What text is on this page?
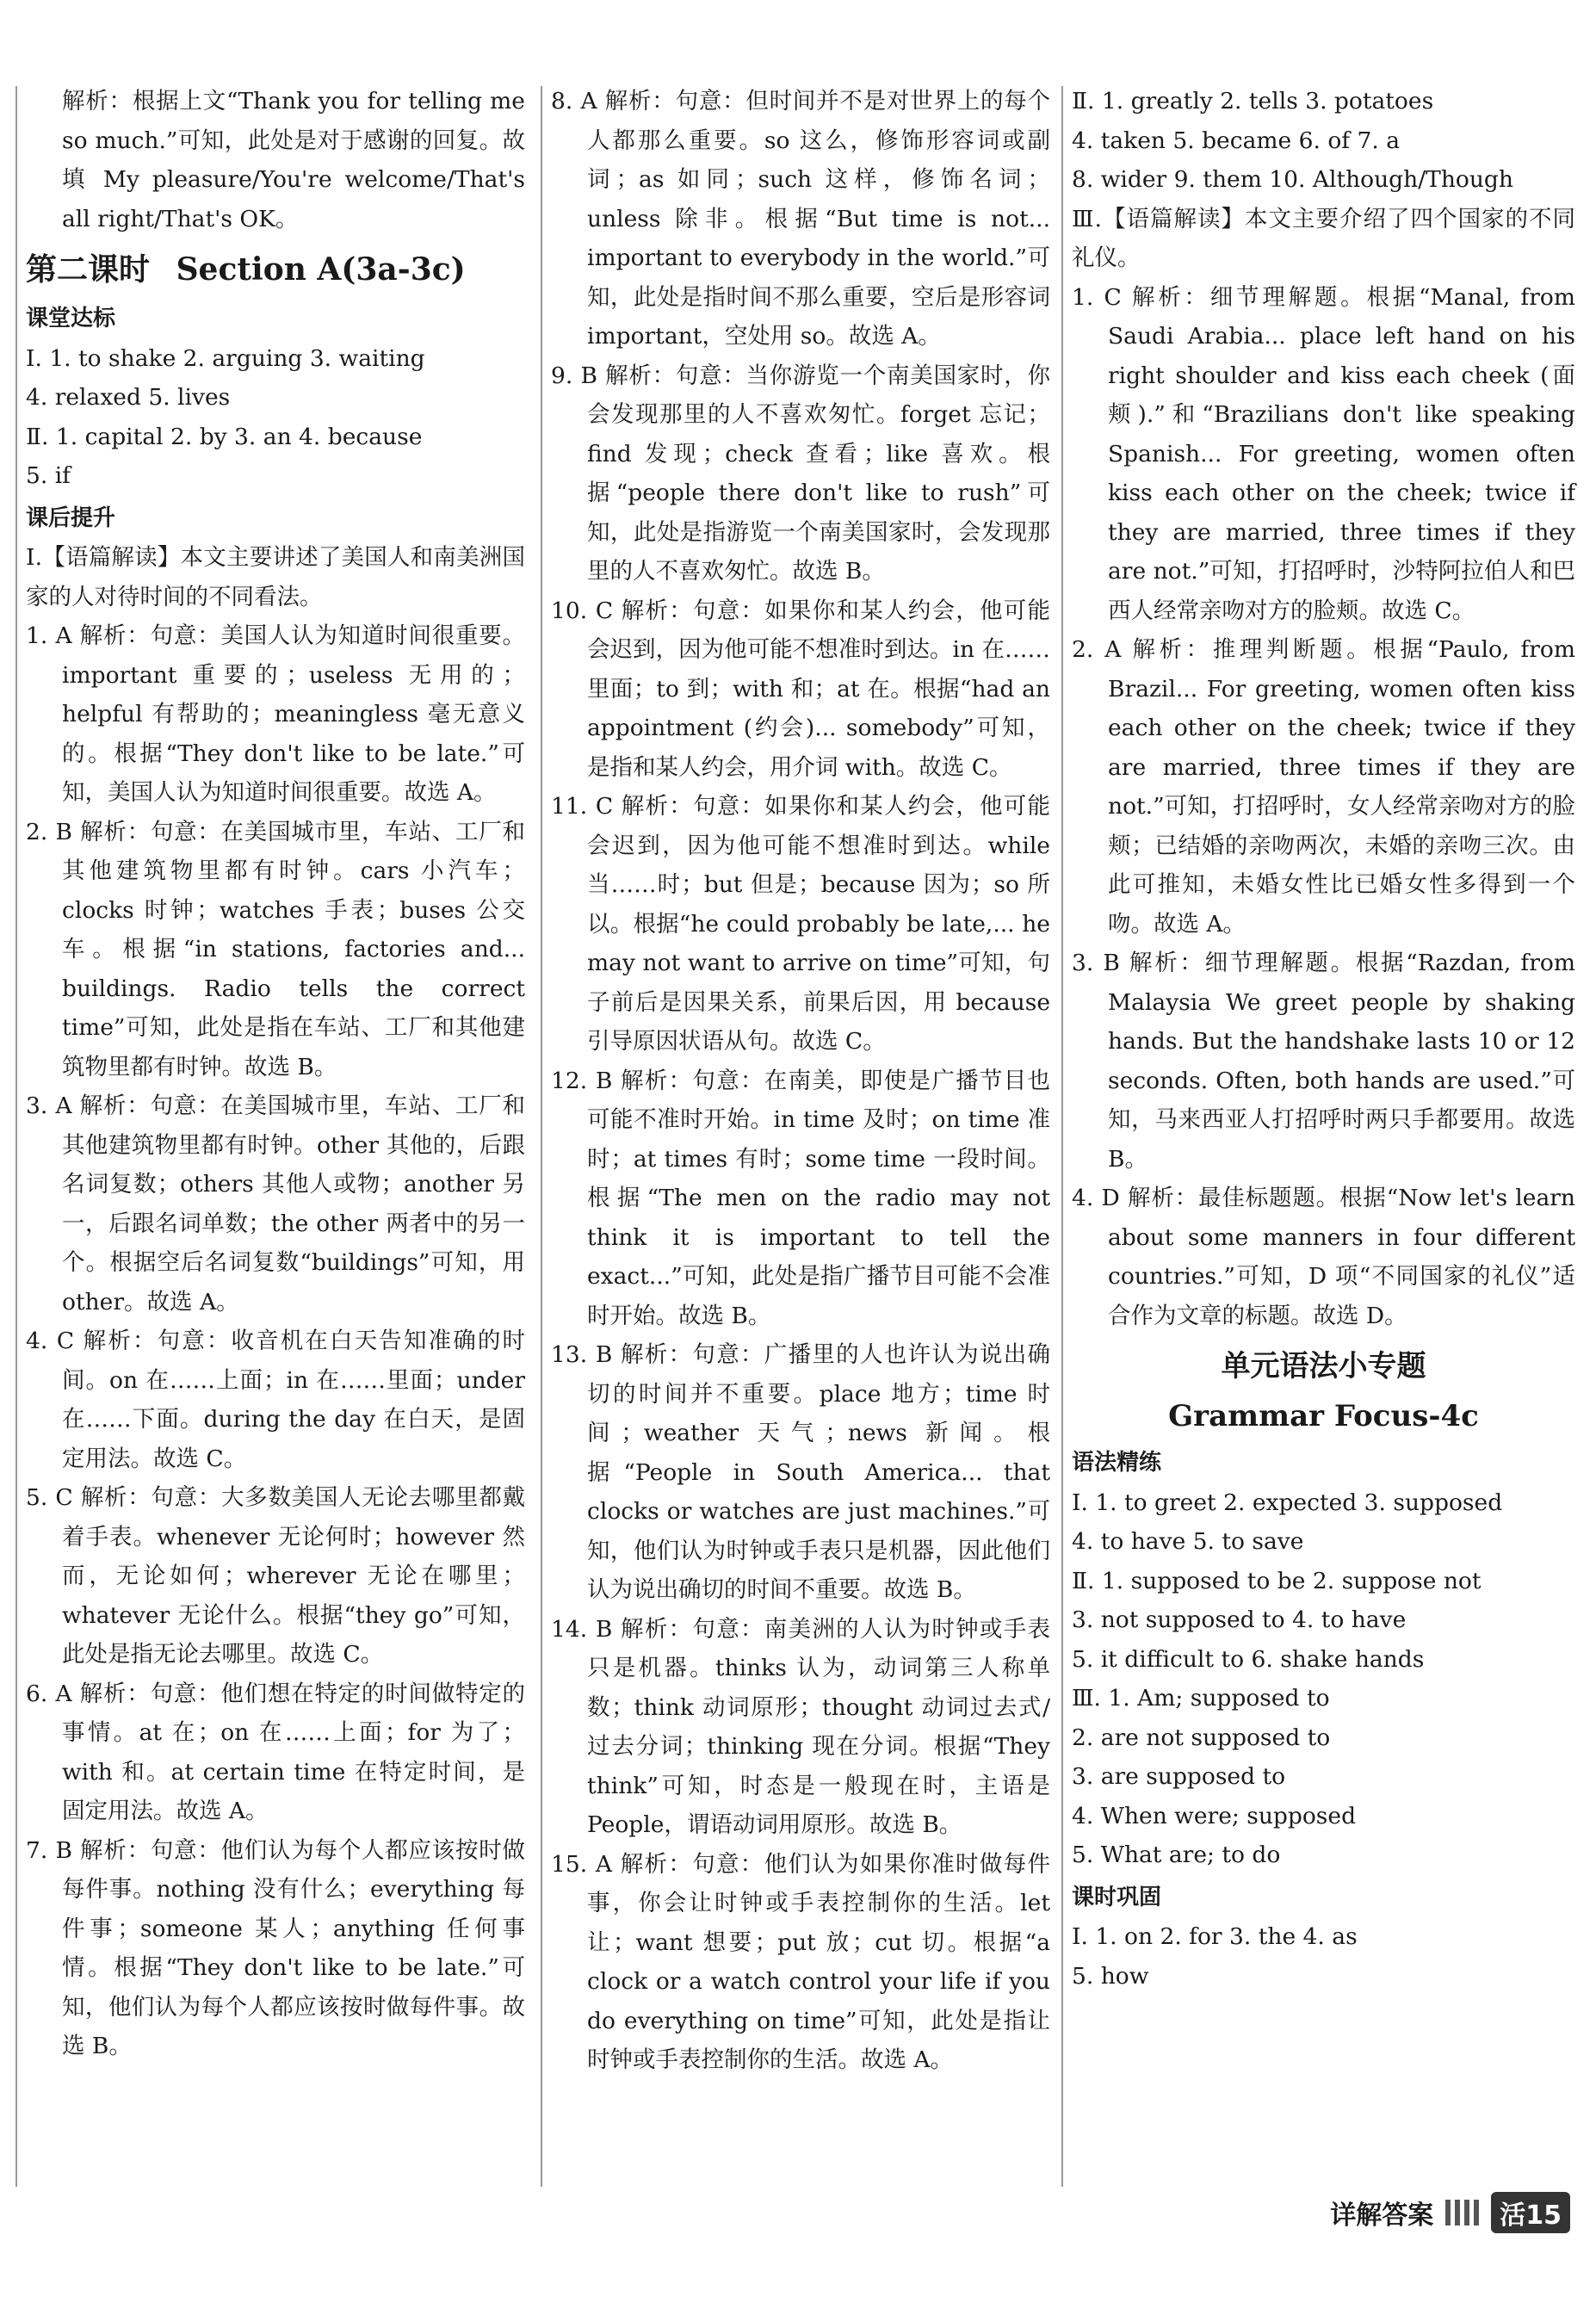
解析：根据上文“Thank you for telling me so much.”可知，此处是对于感谢的回复。故填 My pleasure/You're welcome/That's all right/That's OK。

第二课时 Section A(3a-3c)
课堂达标
Ⅰ. 1. to shake 2. arguing 3. waiting
4. relaxed 5. lives
Ⅱ. 1. capital 2. by 3. an 4. because
5. if
课后提升

Ⅰ.【语篇解读】本文主要讲述了美国人和南美洲国家的人对待时间的不同看法。

1. A 解析：句意：美国人认为知道时间很重要。important 重要的；useless 无用的；helpful 有帮助的；meaningless 毫无意义的。根据“They don't like to be late.”可知，美国人认为知道时间很重要。故选 A。

2. B 解析：句意：在美国城市里，车站、工厂和其他建筑物里都有时钟。cars 小汽车；clocks 时钟；watches 手表；buses 公交车。根据“in stations, factories and... buildings. Radio tells the correct time”可知，此处是指在车站、工厂和其他建筑物里都有时钟。故选 B。

3. A 解析：句意：在美国城市里，车站、工厂和其他建筑物里都有时钟。other 其他的，后跟名词复数；others 其他人或物；another 另一，后跟名词单数；the other 两者中的另一个。根据空后名词复数“buildings”可知，用 other。故选 A。

4. C 解析：句意：收音机在白天告知准确的时间。on 在……上面；in 在……里面；under 在……下面。during the day 在白天，是固定用法。故选 C。

5. C 解析：句意：大多数美国人无论去哪里都戴着手表。whenever 无论何时；however 然而，无论如何；wherever 无论在哪里；whatever 无论什么。根据“they go”可知，此处是指无论去哪里。故选 C。

6. A 解析：句意：他们想在特定的时间做特定的事情。at 在；on 在……上面；for 为了；with 和。at certain time 在特定时间，是固定用法。故选 A。

7. B 解析：句意：他们认为每个人都应该按时做每件事。nothing 没有什么；everything 每件事；someone 某人；anything 任何事情。根据“They don't like to be late.”可知，他们认为每个人都应该按时做每件事。故选 B。

8. A 解析：句意：但时间并不是对世界上的每个人都那么重要。so 这么，修饰形容词或副词；as 如同；such 这样，修饰名词；unless 除非。根据“But time is not... important to everybody in the world.”可知，此处是指时间不那么重要，空后是形容词 important，空处用 so。故选 A。

9. B 解析：句意：当你游览一个南美国家时，你会发现那里的人不喜欢匆忙。forget 忘记；find 发现；check 查看；like 喜欢。根据“people there don't like to rush”可知，此处是指游览一个南美国家时，会发现那里的人不喜欢匆忙。故选 B。

10. C 解析：句意：如果你和某人约会，他可能会迟到，因为他可能不想准时到达。in 在……里面；to 到；with 和；at 在。根据“had an appointment (约会)... somebody”可知，是指和某人约会，用介词 with。故选 C。

11. C 解析：句意：如果你和某人约会，他可能会迟到，因为他可能不想准时到达。while 当……时；but 但是；because 因为；so 所以。根据“he could probably be late,... he may not want to arrive on time”可知，句子前后是因果关系，前果后因，用 because 引导原因状语从句。故选 C。

12. B 解析：句意：在南美，即使是广播节目也可能不准时开始。in time 及时；on time 准时；at times 有时；some time 一段时间。根据“The men on the radio may not think it is important to tell the exact...”可知，此处是指广播节目可能不会准时开始。故选 B。

13. B 解析：句意：广播里的人也许认为说出确切的时间并不重要。place 地方；time 时间；weather 天气；news 新闻。根据“People in South America... that clocks or watches are just machines.”可知，他们认为时钟或手表只是机器，因此他们认为说出确切的时间不重要。故选 B。

14. B 解析：句意：南美洲的人认为时钟或手表只是机器。thinks 认为，动词第三人称单数；think 动词原形；thought 动词过去式/过去分词；thinking 现在分词。根据“They think”可知，时态是一般现在时，主语是 People，谓语动词用原形。故选 B。

15. A 解析：句意：他们认为如果你准时做每件事，你会让时钟或手表控制你的生活。let 让；want 想要；put 放；cut 切。根据“a clock or a watch control your life if you do everything on time”可知，此处是指让时钟或手表控制你的生活。故选 A。

Ⅱ. 1. greatly 2. tells 3. potatoes
4. taken 5. became 6. of 7. a
8. wider 9. them 10. Although/Though

Ⅲ.【语篇解读】本文主要介绍了四个国家的不同礼仪。

1. C 解析：细节理解题。根据“Manal, from Saudi Arabia... place left hand on his right shoulder and kiss each cheek (面颊).”和“Brazilians don't like speaking Spanish... For greeting, women often kiss each other on the cheek; twice if they are married, three times if they are not.”可知，打招呼时，沙特阿拉伯人和巴西人经常亲吻对方的脸颊。故选 C。

2. A 解析：推理判断题。根据“Paulo, from Brazil... For greeting, women often kiss each other on the cheek; twice if they are married, three times if they are not.”可知，打招呼时，女人经常亲吻对方的脸颊；已结婚的亲吻两次，未婚的亲吻三次。由此可推知，未婚女性比已婚女性多得到一个吻。故选 A。

3. B 解析：细节理解题。根据“Razdan, from Malaysia We greet people by shaking hands. But the handshake lasts 10 or 12 seconds. Often, both hands are used.”可知，马来西亚人打招呼时两只手都要用。故选 B。

4. D 解析：最佳标题题。根据“Now let's learn about some manners in four different countries.”可知，D 项“不同国家的礼仪”适合作为文章的标题。故选 D。

单元语法小专题
Grammar Focus-4c
语法精练
Ⅰ. 1. to greet 2. expected 3. supposed
4. to have 5. to save
Ⅱ. 1. supposed to be 2. suppose not
3. not supposed to 4. to have
5. it difficult to 6. shake hands
Ⅲ. 1. Am; supposed to
2. are not supposed to
3. are supposed to
4. When were; supposed
5. What are; to do
课时巩固
Ⅰ. 1. on 2. for 3. the 4. as
5. how
详解答案	活15
